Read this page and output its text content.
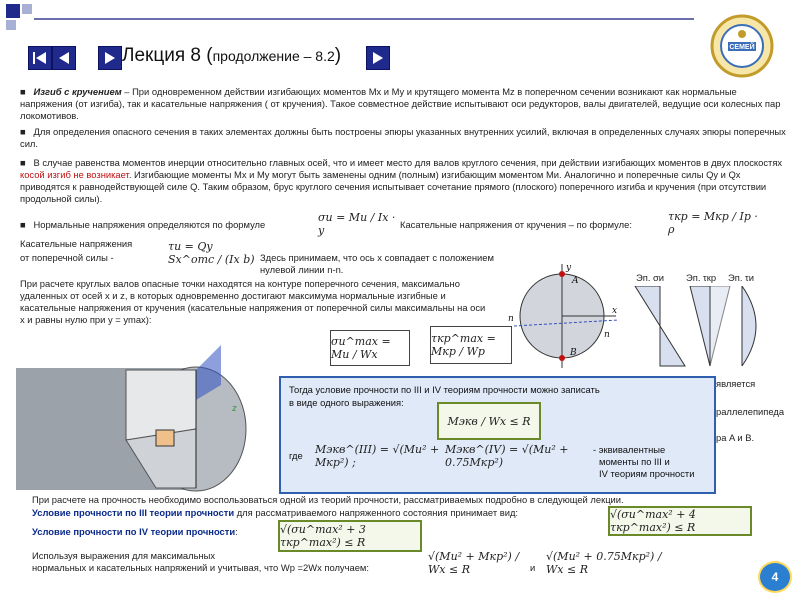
Лекция 8 (продолжение – 8.2)	СЕМЕЙ
■   Изгиб с кручением – При одновременном действии изгибающих моментов Mx и My и крутящего момента Mz в поперечном сечении возникают как нормальные напряжения (от изгиба), так и касательные напряжения ( от кручения). Такое совместное действие испытывают оси редукторов, валы двигателей, ведущие оси колесных пар локомотивов.
■   Для определения опасного сечения в таких элементах должны быть построены эпюры указанных внутренних усилий, включая в определенных случаях эпюры поперечных сил.
■   В случае равенства моментов инерции относительно главных осей, что и имеет место для валов круглого сечения, при действии изгибающих моментов в двух плоскостях косой изгиб не возникает. Изгибающие моменты Mx и My могут быть заменены одним (полным) изгибающим моментом Mи. Аналогично и поперечные силы Qy и Qx приводятся к равнодействующей силе Q. Таким образом, брус круглого сечения испытывает сочетание прямого (плоского) поперечного изгиба и кручения (при отсутствии продольной силы).
■   Нормальные напряжения определяются по формуле
σи = Mи / Ix · y	Касательные напряжения от кручения – по формуле:
τкр = Mкр / Ip · ρ
Касательные напряжения
от поперечной силы -
τи = Qy Sx^отс / (Ix b) Здесь принимаем, что ось x совпадает с положением нулевой линии n-n.
При расчете круглых валов опасные точки находятся на контуре поперечного сечения, максимально удаленных от осей x и z, в которых одновременно достигают максимума нормальные изгибные и касательные напряжения от кручения (касательные напряжения от поперечной силы максимальны на оси x и равны нулю при y = ymax):
σи^max = Mи / Wx
τкр^max = Mкр / Wp
y
A
x
n
n
B
Эп. σи Эп. τкр Эп. τи
z
Тогда условие прочности по III и IV теориям прочности можно записать
в виде одного выражения:
Mэкв / Wx ≤ R
где Mэкв^(III) = √(Mи² + Mкр²) ;
Mэкв^(IV) = √(Mи² + 0.75Mкр²)
- эквивалентные
моменты по III и
IV теориям прочности
является
раллелепипеда
ра A и B.
При расчете на прочность необходимо воспользоваться одной из теорий прочности, рассматриваемых подробно в следующей лекции.
Условие прочности по III теории прочности для рассматриваемого напряженного состояния принимает вид:	√(σи^max² + 4 τкр^max²) ≤ R
Условие прочности по IV теории прочности:	√(σи^max² + 3 τкр^max²) ≤ R
Используя выражения для максимальных
нормальных и касательных напряжений и учитывая, что Wp =2Wx получаем:
√(Mи² + Mкр²) / Wx ≤ R	и
√(Mи² + 0.75Mкр²) / Wx ≤ R
4
